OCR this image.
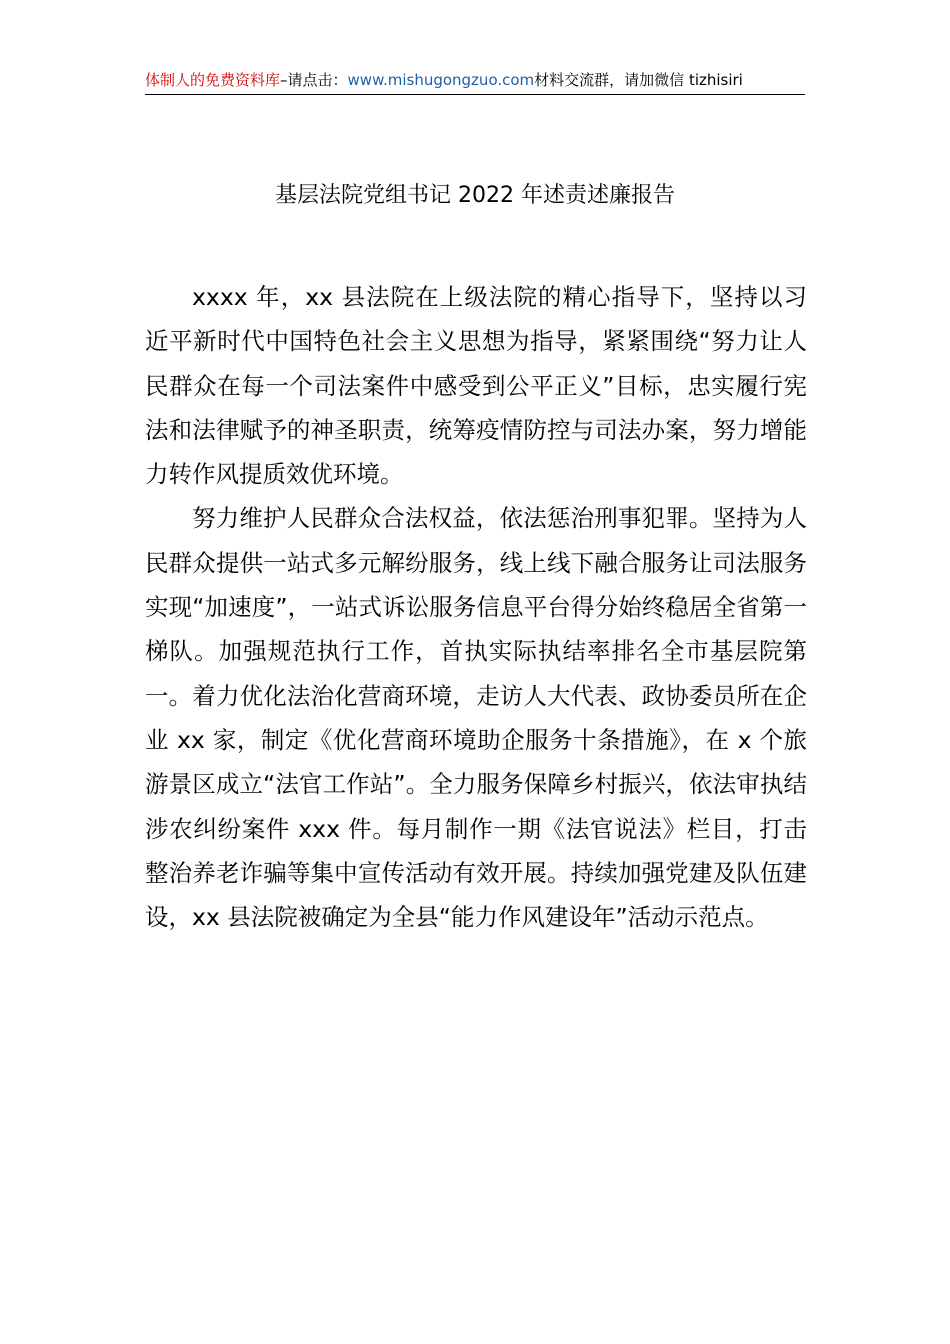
体制人的免费资料库–请点击：www.mishugongzuo.com材料交流群，请加微信 tizhisiri
基层法院党组书记 2022 年述责述廉报告

xxxx 年，xx 县法院在上级法院的精心指导下，坚持以习近平新时代中国特色社会主义思想为指导，紧紧围绕“努力让人民群众在每一个司法案件中感受到公平正义”目标，忠实履行宪法和法律赋予的神圣职责，统筹疫情防控与司法办案，努力增能力转作风提质效优环境。

努力维护人民群众合法权益，依法惩治刑事犯罪。坚持为人民群众提供一站式多元解纷服务，线上线下融合服务让司法服务实现“加速度”，一站式诉讼服务信息平台得分始终稳居全省第一梯队。加强规范执行工作，首执实际执结率排名全市基层院第一。着力优化法治化营商环境，走访人大代表、政协委员所在企业 xx 家，制定《优化营商环境助企服务十条措施》，在 x 个旅游景区成立“法官工作站”。全力服务保障乡村振兴，依法审执结涉农纠纷案件 xxx 件。每月制作一期《法官说法》栏目，打击整治养老诈骗等集中宣传活动有效开展。持续加强党建及队伍建设，xx 县法院被确定为全县“能力作风建设年”活动示范点。
